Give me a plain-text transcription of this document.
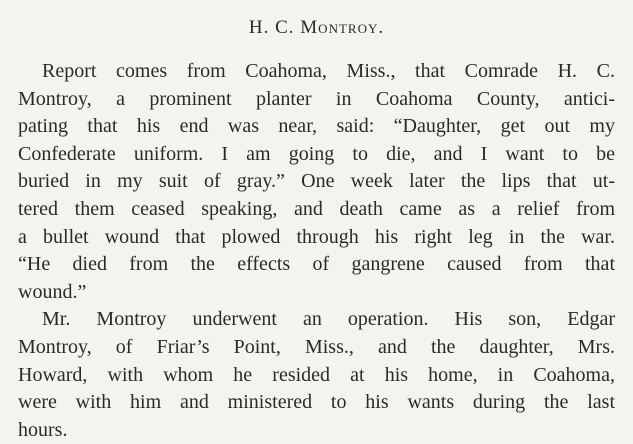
H. C. Montroy.
Report comes from Coahoma, Miss., that Comrade H. C.
Montroy, a prominent planter in Coahoma County, antici-
pating that his end was near, said: “Daughter, get out my
Confederate uniform. I am going to die, and I want to be
buried in my suit of gray.” One week later the lips that ut-
tered them ceased speaking, and death came as a relief from
a bullet wound that plowed through his right leg in the war.
“He died from the effects of gangrene caused from that
wound.”
Mr. Montroy underwent an operation. His son, Edgar
Montroy, of Friar’s Point, Miss., and the daughter, Mrs.
Howard, with whom he resided at his home, in Coahoma,
were with him and ministered to his wants during the last
hours.
